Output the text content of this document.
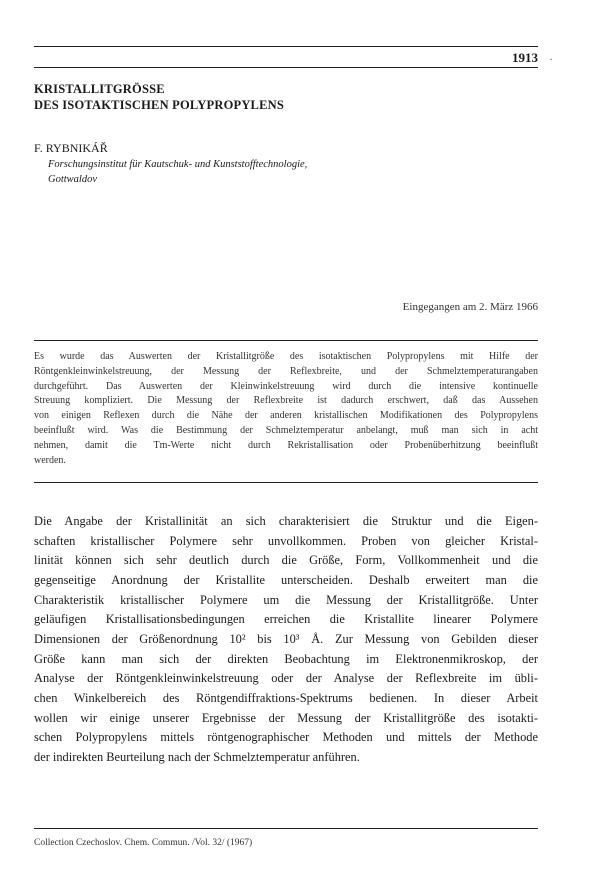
1913 ·
KRISTALLITGRÖSSE
DES ISOTAKTISCHEN POLYPROPYLENS
F. RYBNIKÁŘ
Forschungsinstitut für Kautschuk- und Kunststofftechnologie,
Gottwaldov
Eingegangen am 2. März 1966
Es wurde das Auswerten der Kristallitgröße des isotaktischen Polypropylens mit Hilfe der
Röntgenkleinwinkelstreuung, der Messung der Reflexbreite, und der Schmelztemperaturangaben
durchgeführt. Das Auswerten der Kleinwinkelstreuung wird durch die intensive kontinuelle
Streuung kompliziert. Die Messung der Reflexbreite ist dadurch erschwert, daß das Aussehen
von einigen Reflexen durch die Nähe der anderen kristallischen Modifikationen des Polypropylens
beeinflußt wird. Was die Bestimmung der Schmelztemperatur anbelangt, muß man sich in acht
nehmen, damit die Tm-Werte nicht durch Rekristallisation oder Probenüberhitzung beeinflußt
werden.
Die Angabe der Kristallinität an sich charakterisiert die Struktur und die Eigen-
schaften kristallischer Polymere sehr unvollkommen. Proben von gleicher Kristal-
linität können sich sehr deutlich durch die Größe, Form, Vollkommenheit und die
gegenseitige Anordnung der Kristallite unterscheiden. Deshalb erweitert man die
Charakteristik kristallischer Polymere um die Messung der Kristallitgröße. Unter
geläufigen Kristallisationsbedingungen erreichen die Kristallite linearer Polymere
Dimensionen der Größenordnung 10² bis 10³ Å. Zur Messung von Gebilden dieser
Größe kann man sich der direkten Beobachtung im Elektronenmikroskop, der
Analyse der Röntgenkleinwinkelstreuung oder der Analyse der Reflexbreite im übli-
chen Winkelbereich des Röntgendiffraktions-Spektrums bedienen. In dieser Arbeit
wollen wir einige unserer Ergebnisse der Messung der Kristallitgröße des isotakti-
schen Polypropylens mittels röntgenographischer Methoden und mittels der Methode
der indirekten Beurteilung nach der Schmelztemperatur anführen.
Collection Czechoslov. Chem. Commun. /Vol. 32/ (1967)
